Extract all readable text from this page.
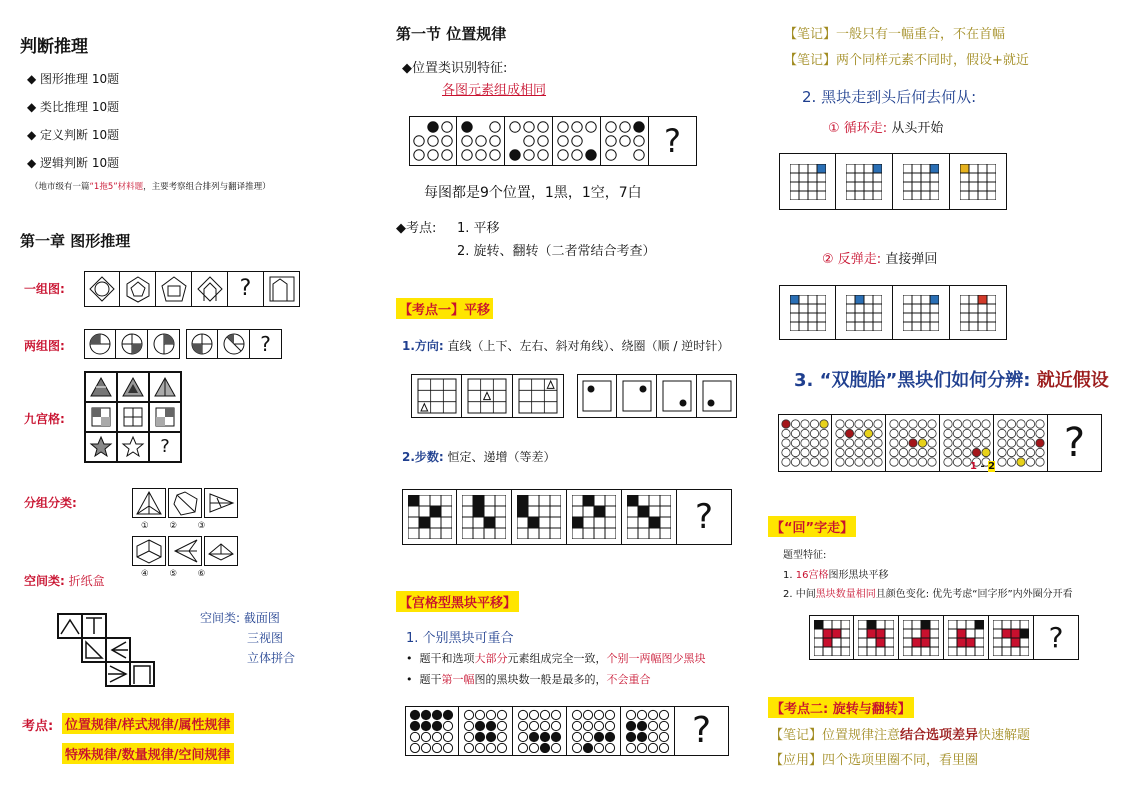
判断推理
◆ 图形推理 10题
◆ 类比推理 10题
◆ 定义判断 10题
◆ 逻辑判断 10题
（地市级有一篇“1拖5”材料题，主要考察组合排列与翻译推理）
第一章 图形推理
一组图:	?
两组图:	?
九宫格:
?
分组分类:
① ② ③
④ ⑤ ⑥
空间类: 折纸盒
空间类: 截面图
三视图
立体拼合
考点: 位置规律/样式规律/属性规律
特殊规律/数量规律/空间规律
第一节 位置规律
◆位置类识别特征:
各图元素组成相同
?
每图都是9个位置，1黑，1空，7白
◆考点: 1. 平移
2. 旋转、翻转（二者常结合考查）
【考点一】平移
1.方向: 直线（上下、左右、斜对角线）、绕圈（顺 / 逆时针）
2.步数: 恒定、递增（等差）
?
【宫格型黑块平移】
1. 个别黑块可重合
•  题干和选项大部分元素组成完全一致，个别一两幅图少黑块
•  题干第一幅图的黑块数一般是最多的，不会重合
?
【笔记】一般只有一幅重合，不在首幅
【笔记】两个同样元素不同时，假设+就近
2. 黑块走到头后何去何从:
① 循环走: 从头开始
② 反弹走: 直接弹回
3. “双胞胎”黑块们如何分辨: 就近假设
?
1 - 2
【“回”字走】
题型特征:
1. 16宫格图形黑块平移
2. 中间黑块数量相同且颜色变化: 优先考虑“回字形”内外圈分开看
?
【考点二: 旋转与翻转】
【笔记】位置规律注意结合选项差异快速解题
【应用】四个选项里圈不同，看里圈
